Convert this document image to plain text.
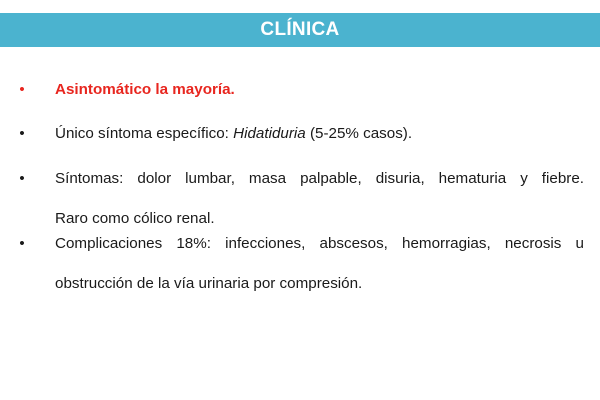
CLÍNICA
• Asintomático la mayoría.
• Único síntoma específico: Hidatiduria (5-25% casos).
• Síntomas: dolor lumbar, masa palpable, disuria, hematuria y fiebre.
Raro como cólico renal.
• Complicaciones 18%: infecciones, abscesos, hemorragias, necrosis u
obstrucción de la vía urinaria por compresión.
